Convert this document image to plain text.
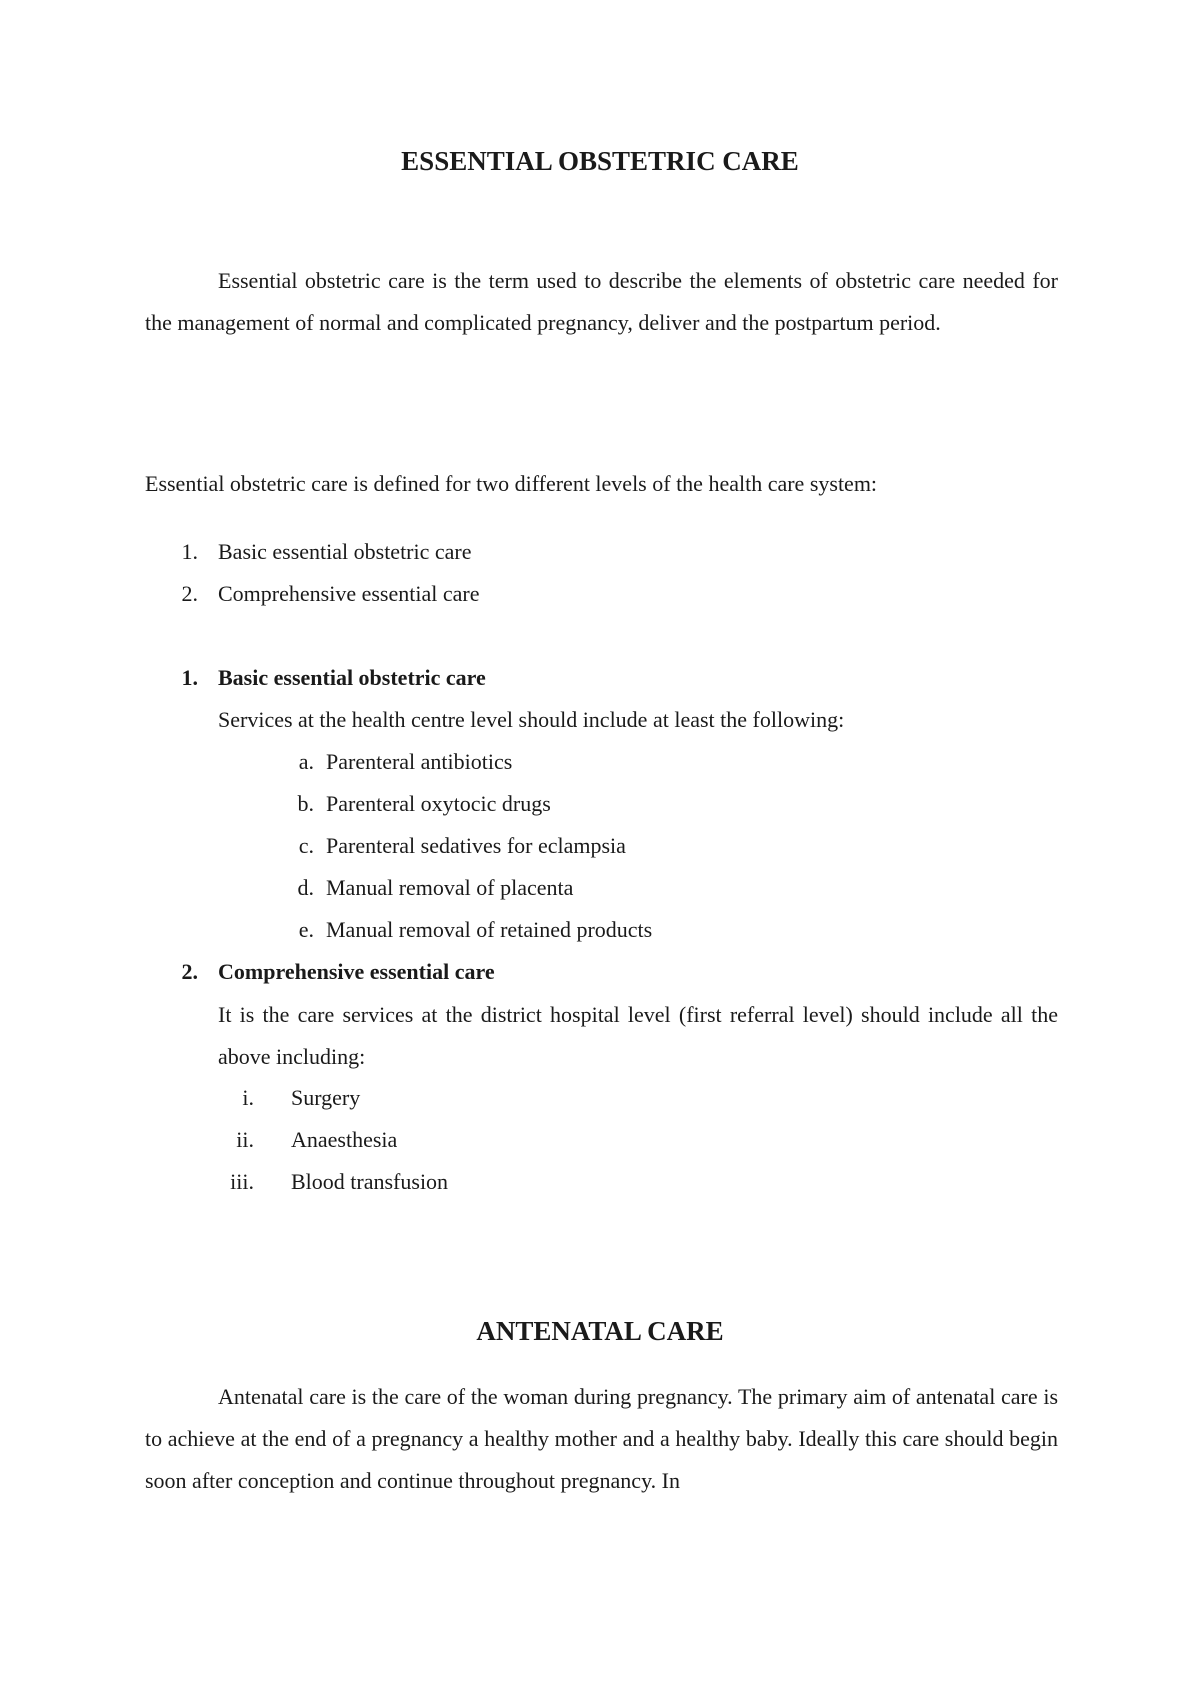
ESSENTIAL OBSTETRIC CARE
Essential obstetric care is the term used to describe the elements of obstetric care needed for the management of normal and complicated pregnancy, deliver and the postpartum period.
Essential obstetric care is defined for two different levels of the health care system:
1. Basic essential obstetric care
2. Comprehensive essential care
1. Basic essential obstetric care
Services at the health centre level should include at least the following:
a. Parenteral antibiotics
b. Parenteral oxytocic drugs
c. Parenteral sedatives for eclampsia
d. Manual removal of placenta
e. Manual removal of retained products
2. Comprehensive essential care
It is the care services at the district hospital level (first referral level) should include all the above including:
i. Surgery
ii. Anaesthesia
iii. Blood transfusion
ANTENATAL CARE
Antenatal care is the care of the woman during pregnancy. The primary aim of antenatal care is to achieve at the end of a pregnancy a healthy mother and a healthy baby. Ideally this care should begin soon after conception and continue throughout pregnancy. In
